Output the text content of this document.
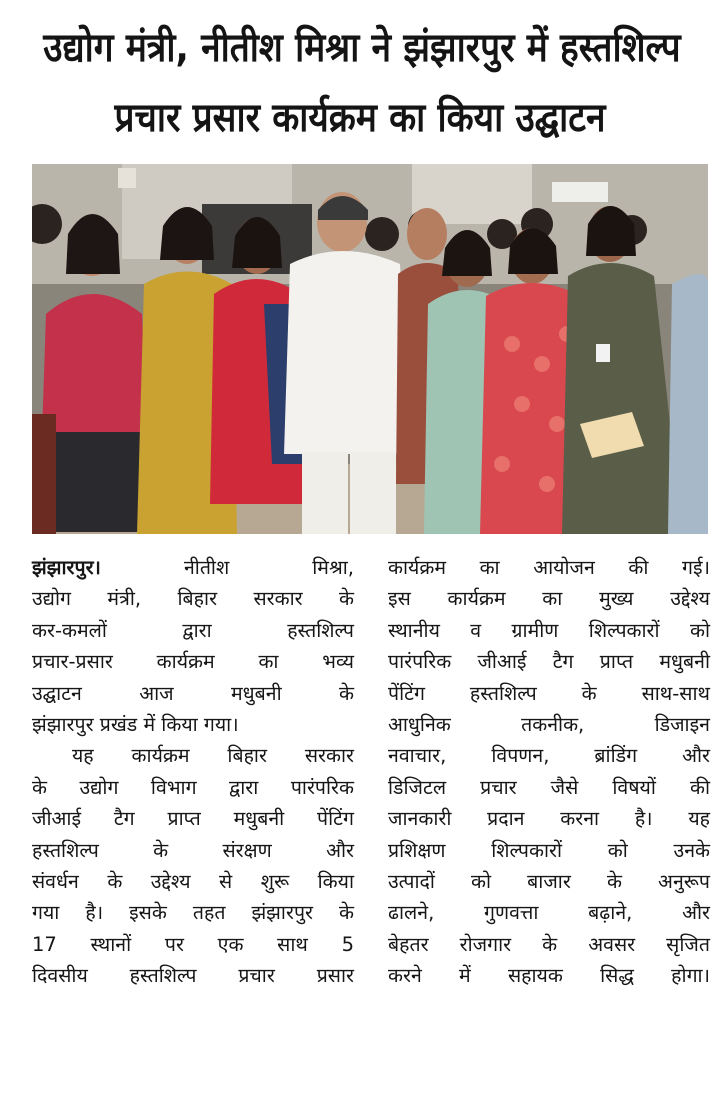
उद्योग मंत्री, नीतीश मिश्रा ने झंझारपुर में हस्तशिल्प
प्रचार प्रसार कार्यक्रम का किया उद्घाटन
झंझारपुर। नीतीश मिश्रा,
उद्योग मंत्री, बिहार सरकार के
कर-कमलों द्वारा हस्तशिल्प
प्रचार-प्रसार कार्यक्रम का भव्य
उद्घाटन आज मधुबनी के
झंझारपुर प्रखंड में किया गया।
यह कार्यक्रम बिहार सरकार
के उद्योग विभाग द्वारा पारंपरिक
जीआई टैग प्राप्त मधुबनी पेंटिंग
हस्तशिल्प के संरक्षण और
संवर्धन के उद्देश्य से शुरू किया
गया है। इसके तहत झंझारपुर के
17 स्थानों पर एक साथ 5
दिवसीय हस्तशिल्प प्रचार प्रसार
कार्यक्रम का आयोजन की गई।
इस कार्यक्रम का मुख्य उद्देश्य
स्थानीय व ग्रामीण शिल्पकारों को
पारंपरिक जीआई टैग प्राप्त मधुबनी
पेंटिंग हस्तशिल्प के साथ-साथ
आधुनिक तकनीक, डिजाइन
नवाचार, विपणन, ब्रांडिंग और
डिजिटल प्रचार जैसे विषयों की
जानकारी प्रदान करना है। यह
प्रशिक्षण शिल्पकारों को उनके
उत्पादों को बाजार के अनुरूप
ढालने, गुणवत्ता बढ़ाने, और
बेहतर रोजगार के अवसर सृजित
करने में सहायक सिद्ध होगा।
